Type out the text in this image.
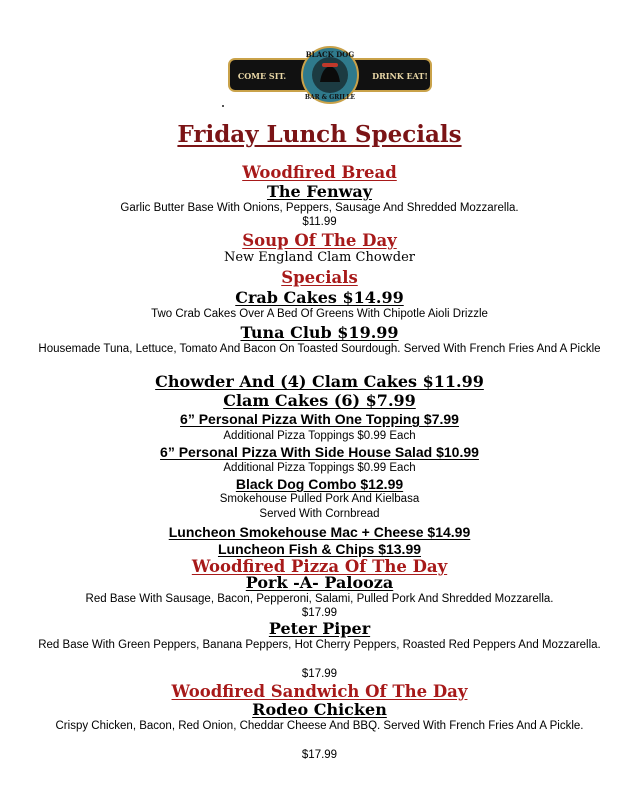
COME SIT.	DRINK EAT!
BLACK DOG
BAR & GRILLE
Friday Lunch Specials
Woodfired Bread
The Fenway
Garlic Butter Base With Onions, Peppers, Sausage And Shredded Mozzarella.
$11.99
Soup Of The Day
New England Clam Chowder
Specials
Crab Cakes $14.99
Two Crab Cakes Over A Bed Of Greens With Chipotle Aioli Drizzle
Tuna Club $19.99
Housemade Tuna, Lettuce, Tomato And Bacon On Toasted Sourdough. Served With French Fries And A Pickle
Chowder And (4) Clam Cakes $11.99
Clam Cakes (6) $7.99
6” Personal Pizza With One Topping $7.99
Additional Pizza Toppings $0.99 Each
6” Personal Pizza With Side House Salad $10.99
Additional Pizza Toppings $0.99 Each
Black Dog Combo $12.99
Smokehouse Pulled Pork And Kielbasa
Served With Cornbread
Luncheon Smokehouse Mac + Cheese $14.99
Luncheon Fish & Chips $13.99
Woodfired Pizza Of The Day
Pork -A- Palooza
Red Base With Sausage, Bacon, Pepperoni, Salami, Pulled Pork And Shredded Mozzarella.
$17.99
Peter Piper
Red Base With Green Peppers, Banana Peppers, Hot Cherry Peppers, Roasted Red Peppers And Mozzarella.
$17.99
Woodfired Sandwich Of The Day
Rodeo Chicken
Crispy Chicken, Bacon, Red Onion, Cheddar Cheese And BBQ. Served With French Fries And A Pickle.
$17.99
